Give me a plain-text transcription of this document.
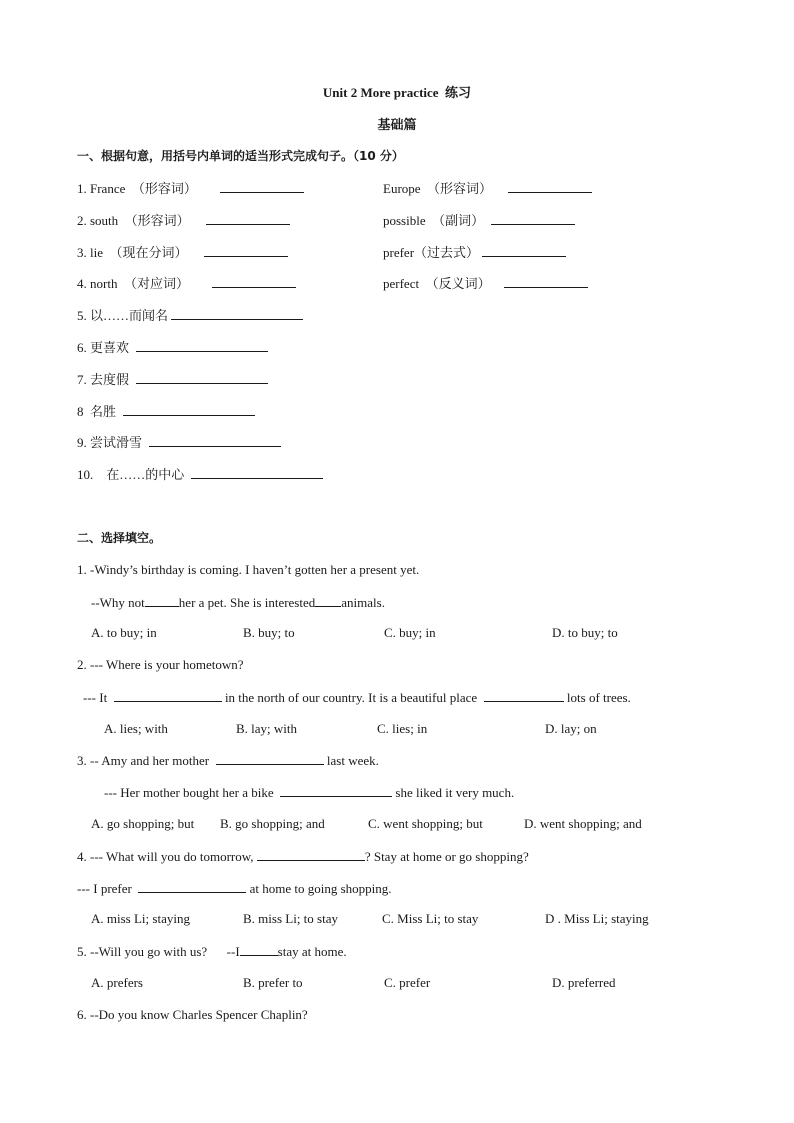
Unit 2 More practice  练习
基础篇
一、根据句意，用括号内单词的适当形式完成句子。（10 分）
1. France  （形容词）	Europe  （形容词）
2. south  （形容词）	possible  （副词）
3. lie  （现在分词）	prefer（过去式）
4. north  （对应词）	perfect  （反义词）
5. 以……而闻名
6. 更喜欢
7. 去度假
8  名胜
9. 尝试滑雪
10.    在……的中心
二、选择填空。
1. -Windy’s birthday is coming. I haven’t gotten her a present yet.
--Why not	her a pet. She is interested animals.
A. to buy; in	B. buy; to	C. buy; in	D. to buy; to
2. --- Where is your hometown?
--- It	in the north of our country. It is a beautiful place	lots of trees.
A. lies; with	B. lay; with	C. lies; in	D. lay; on
3. -- Amy and her mother	last week.
--- Her mother bought her a bike	she liked it very much.
A. go shopping; but B. go shopping; and	C. went shopping; but	D. went shopping; and
4. --- What will you do tomorrow,	? Stay at home or go shopping?
--- I prefer	at home to going shopping.
A. miss Li; staying	B. miss Li; to stay	C. Miss Li; to stay	D . Miss Li; staying
5. --Will you go with us?      --I	stay at home.
A. prefers	B. prefer to	C. prefer	D. preferred
6. --Do you know Charles Spencer Chaplin?
